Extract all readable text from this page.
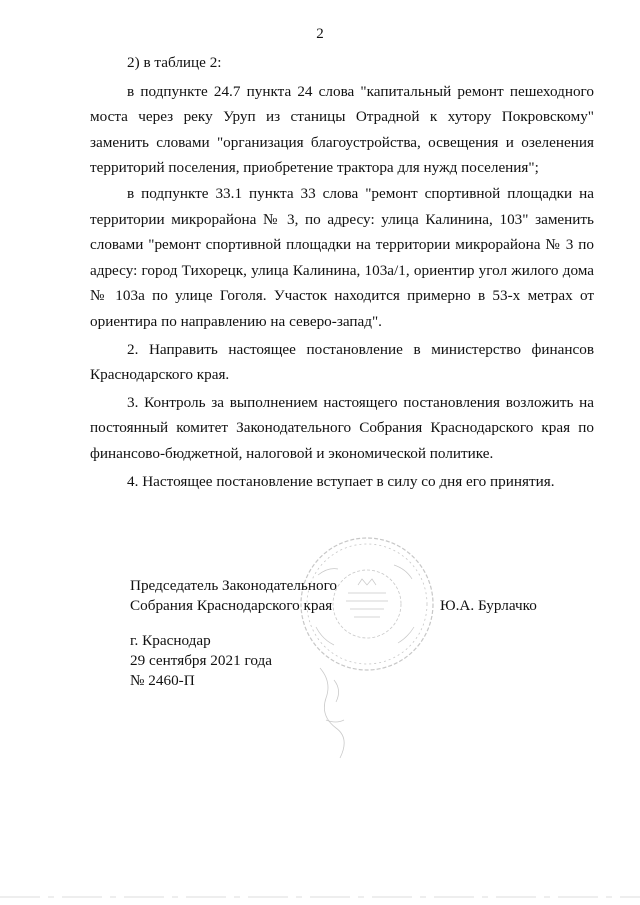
2

2) в таблице 2:

в подпункте 24.7 пункта 24 слова "капитальный ремонт пешеходного моста через реку Уруп из станицы Отрадной к хутору Покровскому" заменить словами "организация благоустройства, освещения и озеленения территорий поселения, приобретение трактора для нужд поселения";

в подпункте 33.1 пункта 33 слова "ремонт спортивной площадки на территории микрорайона № 3, по адресу: улица Калинина, 103" заменить словами "ремонт спортивной площадки на территории микрорайона № 3 по адресу: город Тихорецк, улица Калинина, 103а/1, ориентир угол жилого дома № 103а по улице Гоголя. Участок находится примерно в 53-х метрах от ориентира по направлению на северо-запад".

2. Направить настоящее постановление в министерство финансов Краснодарского края.

3. Контроль за выполнением настоящего постановления возложить на постоянный комитет Законодательного Собрания Краснодарского края по финансово-бюджетной, налоговой и экономической политике.

4. Настоящее постановление вступает в силу со дня его принятия.

Председатель Законодательного
Собрания Краснодарского края	Ю.А. Бурлачко
г. Краснодар
29 сентября 2021 года
№ 2460-П
